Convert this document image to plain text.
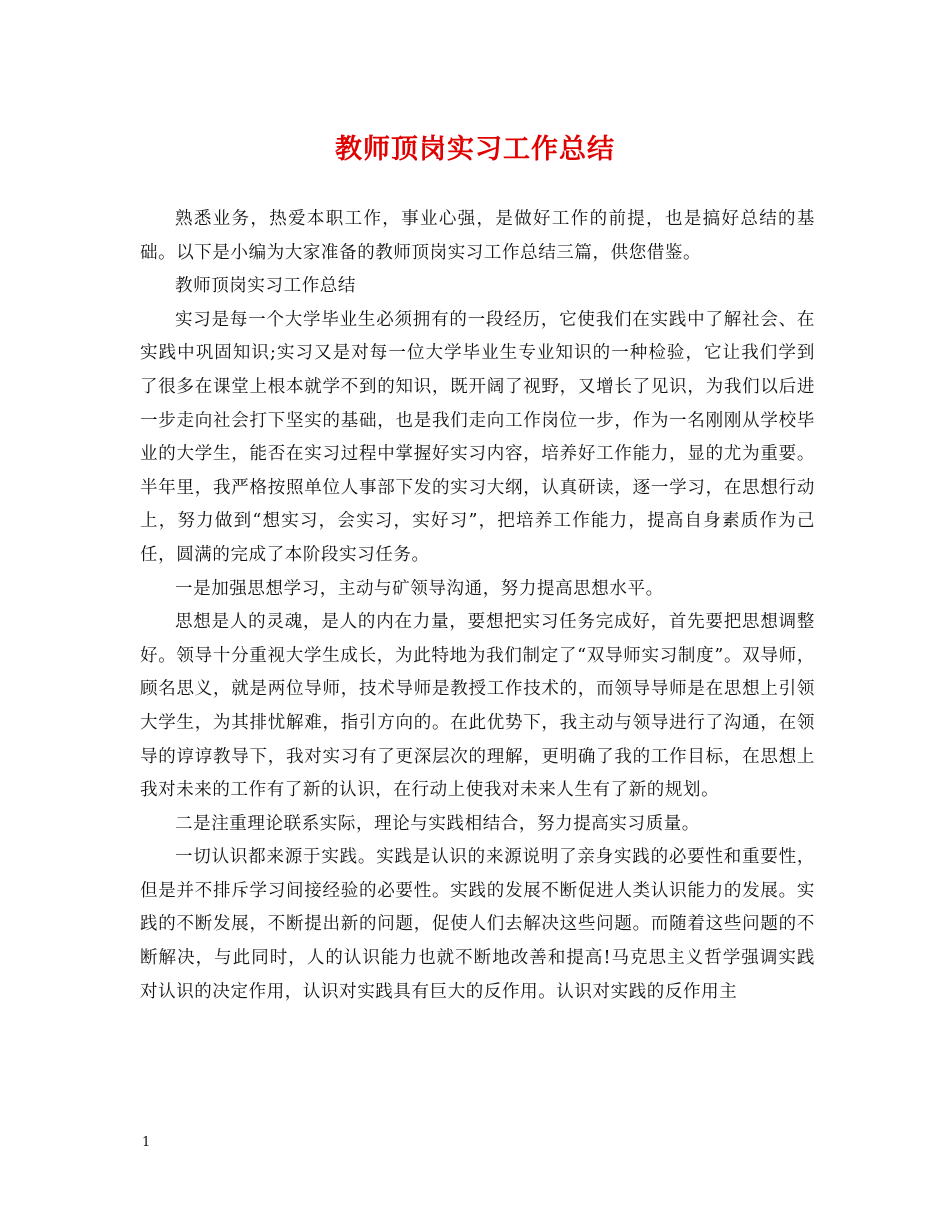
教师顶岗实习工作总结

熟悉业务，热爱本职工作，事业心强，是做好工作的前提，也是搞好总结的基础。以下是小编为大家准备的教师顶岗实习工作总结三篇，供您借鉴。

教师顶岗实习工作总结

实习是每一个大学毕业生必须拥有的一段经历，它使我们在实践中了解社会、在实践中巩固知识;实习又是对每一位大学毕业生专业知识的一种检验，它让我们学到了很多在课堂上根本就学不到的知识，既开阔了视野，又增长了见识，为我们以后进一步走向社会打下坚实的基础，也是我们走向工作岗位一步，作为一名刚刚从学校毕业的大学生，能否在实习过程中掌握好实习内容，培养好工作能力，显的尤为重要。半年里，我严格按照单位人事部下发的实习大纲，认真研读，逐一学习，在思想行动上，努力做到“想实习，会实习，实好习”，把培养工作能力，提高自身素质作为己任，圆满的完成了本阶段实习任务。

一是加强思想学习，主动与矿领导沟通，努力提高思想水平。

思想是人的灵魂，是人的内在力量，要想把实习任务完成好，首先要把思想调整好。领导十分重视大学生成长，为此特地为我们制定了“双导师实习制度”。双导师，顾名思义，就是两位导师，技术导师是教授工作技术的，而领导导师是在思想上引领大学生，为其排忧解难，指引方向的。在此优势下，我主动与领导进行了沟通，在领导的谆谆教导下，我对实习有了更深层次的理解，更明确了我的工作目标，在思想上我对未来的工作有了新的认识，在行动上使我对未来人生有了新的规划。

二是注重理论联系实际，理论与实践相结合，努力提高实习质量。

一切认识都来源于实践。实践是认识的来源说明了亲身实践的必要性和重要性，但是并不排斥学习间接经验的必要性。实践的发展不断促进人类认识能力的发展。实践的不断发展，不断提出新的问题，促使人们去解决这些问题。而随着这些问题的不断解决，与此同时，人的认识能力也就不断地改善和提高!马克思主义哲学强调实践对认识的决定作用，认识对实践具有巨大的反作用。认识对实践的反作用主

1
